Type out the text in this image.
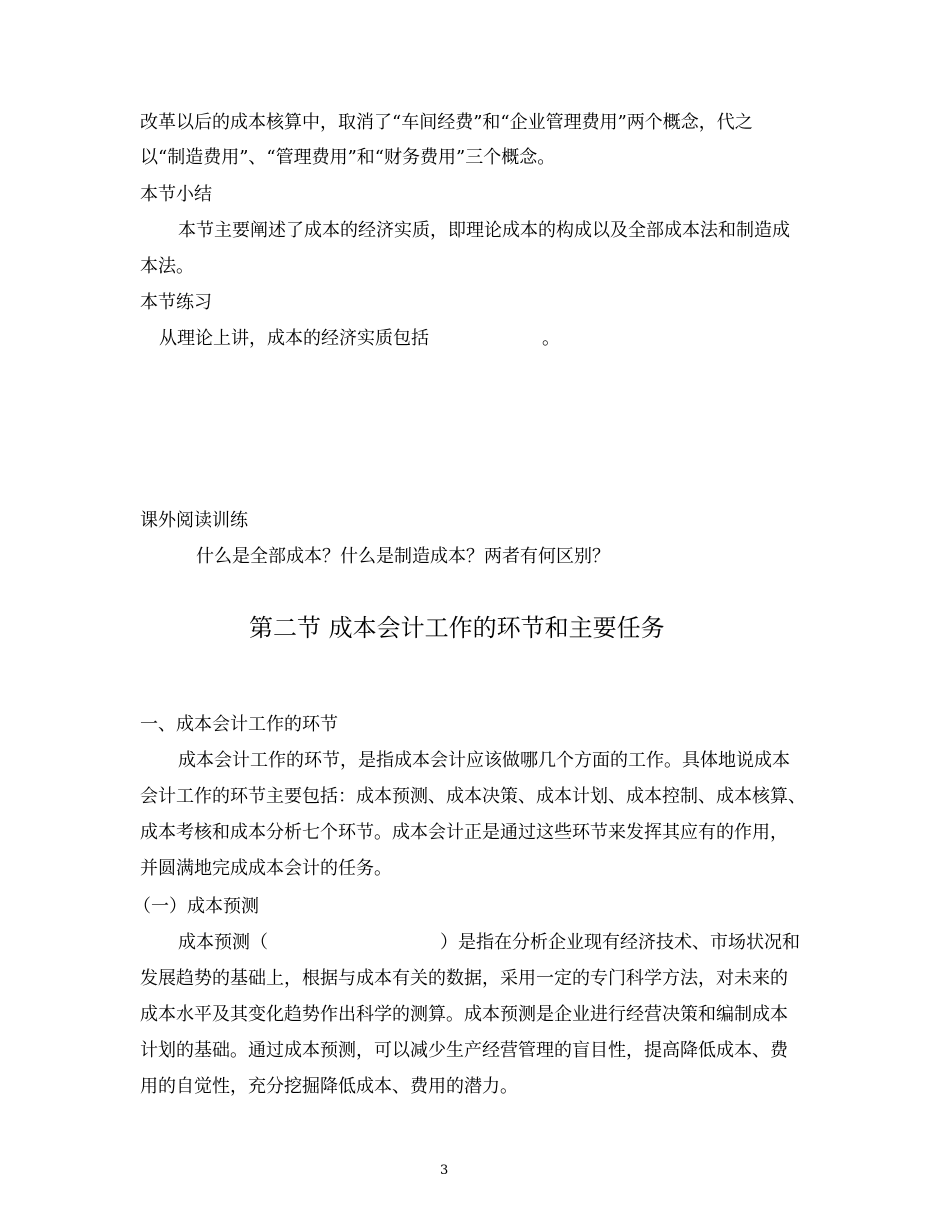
改革以后的成本核算中，取消了“车间经费”和“企业管理费用”两个概念，代之
以“制造费用”、“管理费用”和“财务费用”三个概念。
本节小结
本节主要阐述了成本的经济实质，即理论成本的构成以及全部成本法和制造成
本法。
本节练习
从理论上讲，成本的经济实质包括	。
课外阅读训练
什么是全部成本？什么是制造成本？两者有何区别？
第二节 成本会计工作的环节和主要任务
一、成本会计工作的环节
成本会计工作的环节，是指成本会计应该做哪几个方面的工作。具体地说成本
会计工作的环节主要包括：成本预测、成本决策、成本计划、成本控制、成本核算、
成本考核和成本分析七个环节。成本会计正是通过这些环节来发挥其应有的作用，
并圆满地完成成本会计的任务。
（一）成本预测
成本预测（	）是指在分析企业现有经济技术、市场状况和
发展趋势的基础上，根据与成本有关的数据，采用一定的专门科学方法，对未来的
成本水平及其变化趋势作出科学的测算。成本预测是企业进行经营决策和编制成本
计划的基础。通过成本预测，可以减少生产经营管理的盲目性，提高降低成本、费
用的自觉性，充分挖掘降低成本、费用的潜力。
3
